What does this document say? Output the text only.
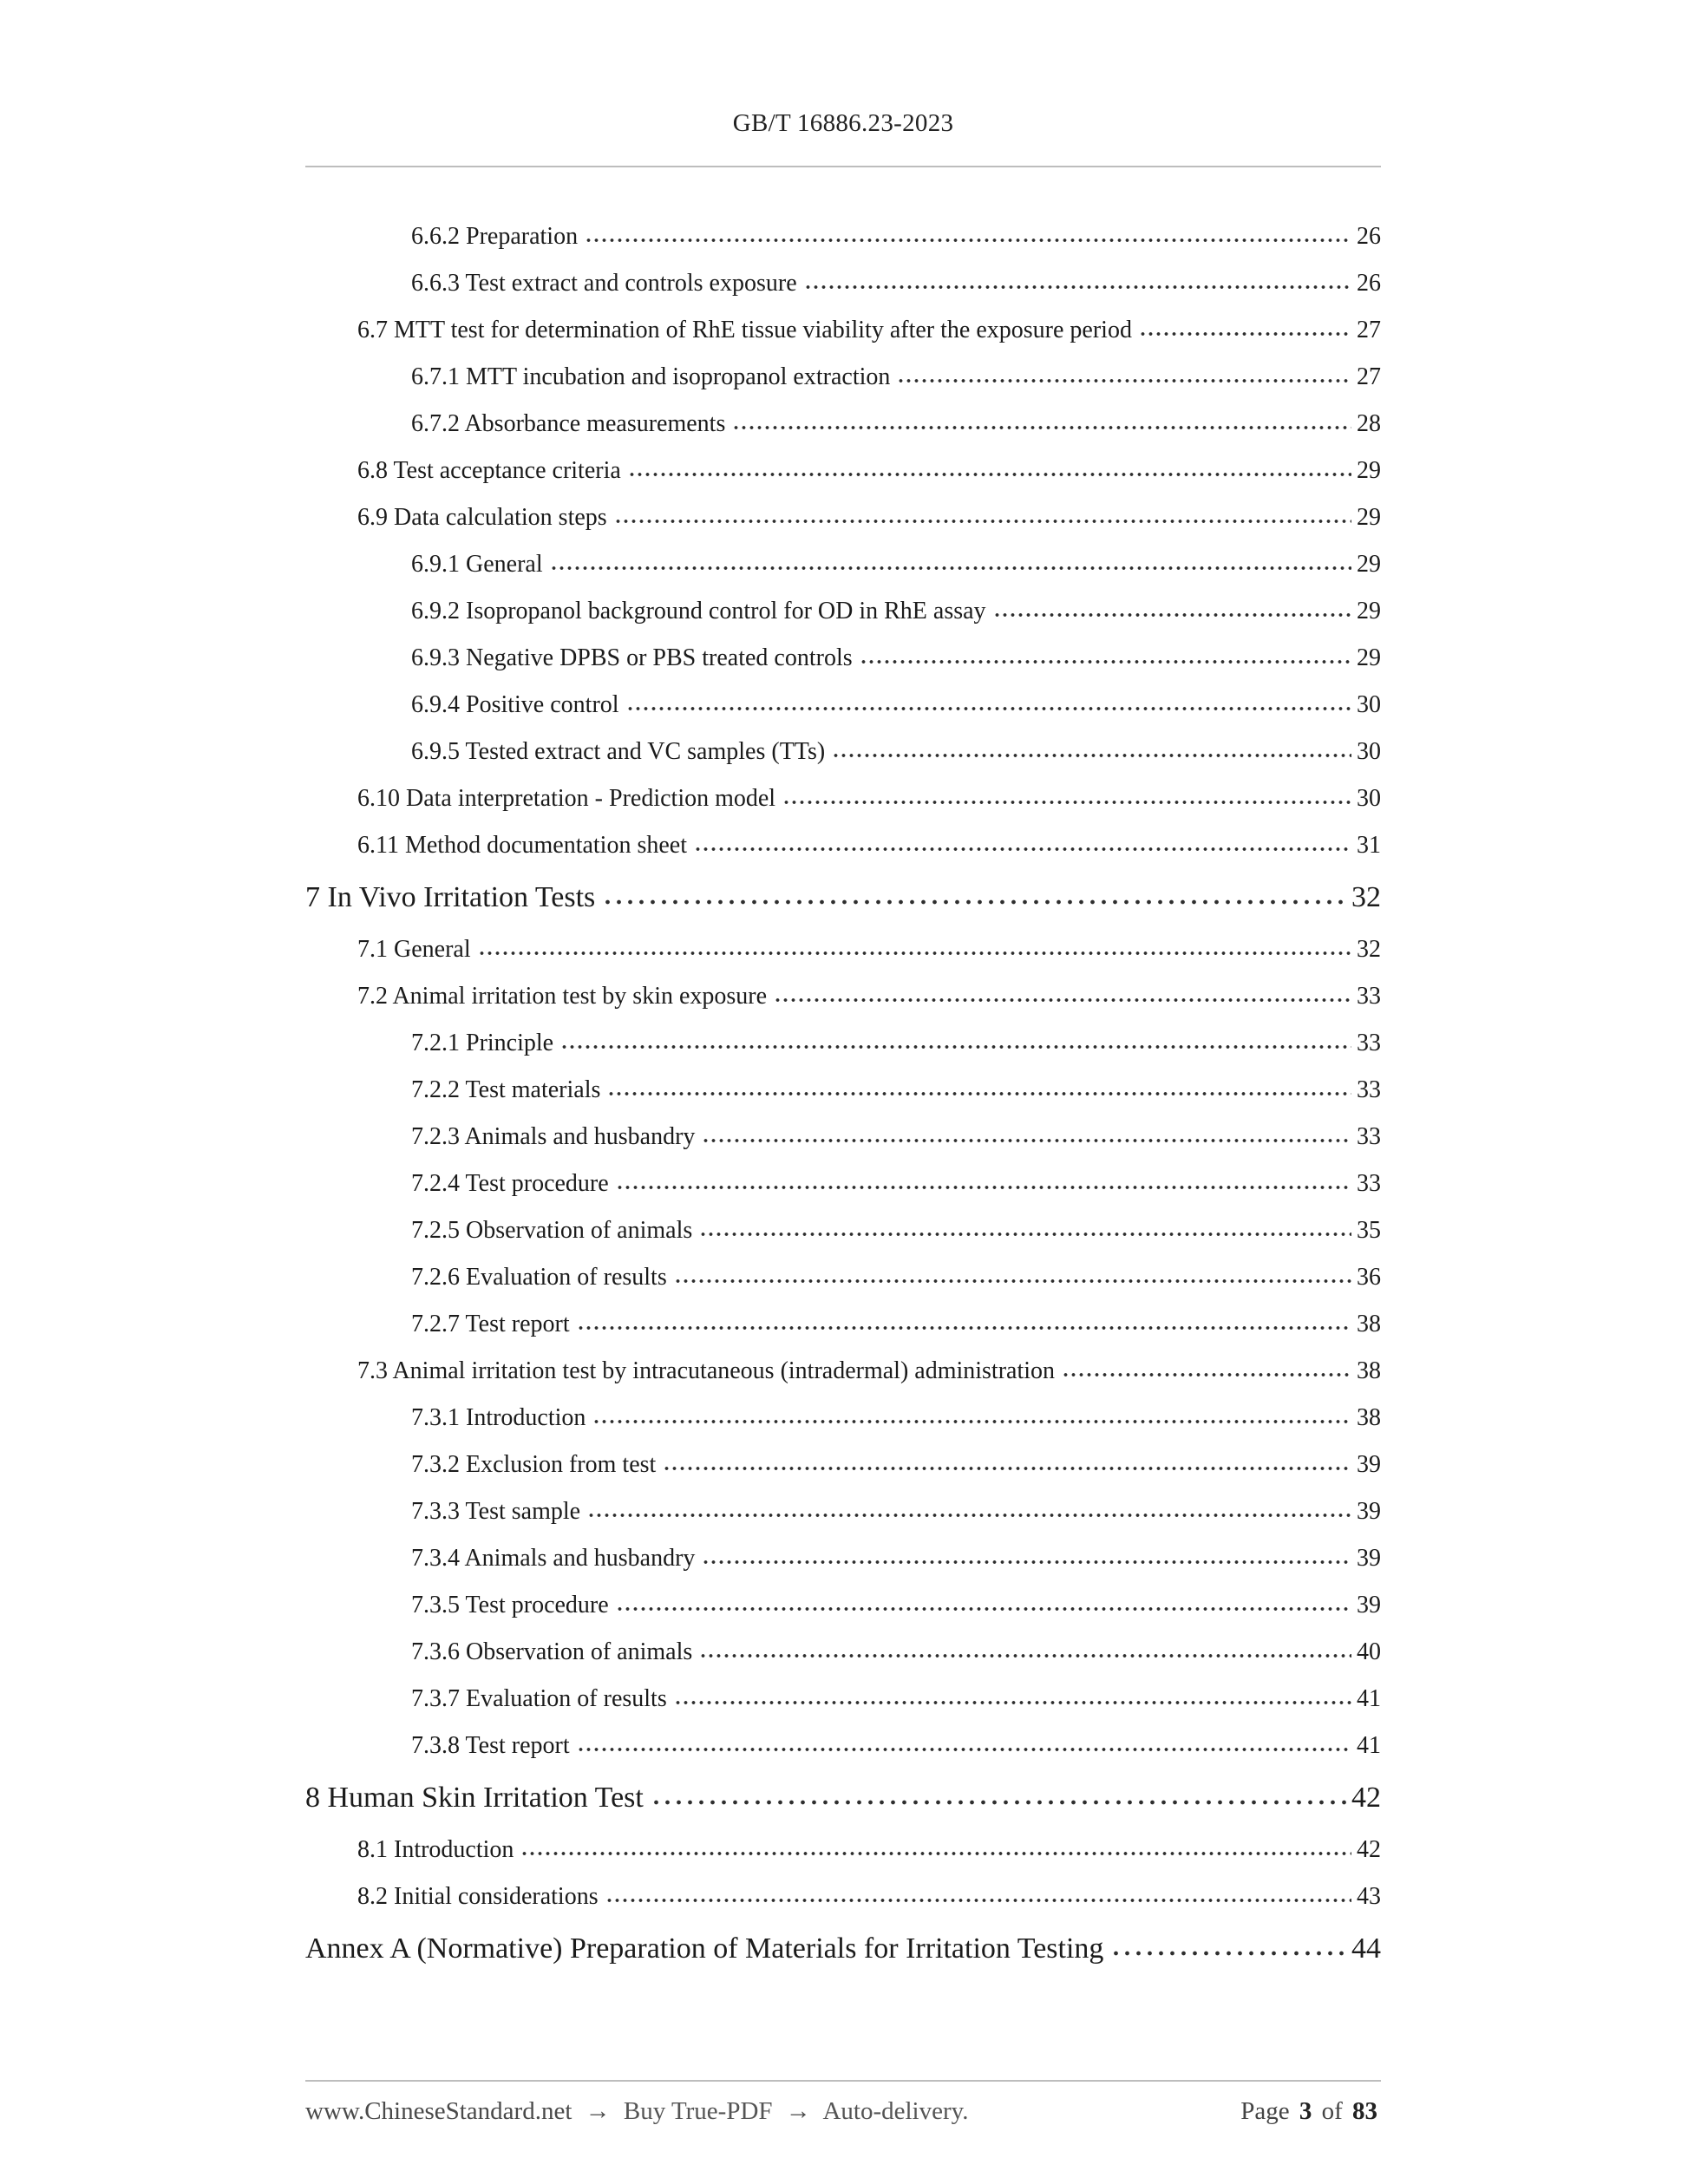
GB/T 16886.23-2023
6.6.2 Preparation	26
6.6.3 Test extract and controls exposure	26
6.7 MTT test for determination of RhE tissue viability after the exposure period	27
6.7.1 MTT incubation and isopropanol extraction	27
6.7.2 Absorbance measurements	28
6.8 Test acceptance criteria	29
6.9 Data calculation steps	29
6.9.1 General	29
6.9.2 Isopropanol background control for OD in RhE assay	29
6.9.3 Negative DPBS or PBS treated controls	29
6.9.4 Positive control	30
6.9.5 Tested extract and VC samples (TTs)	30
6.10 Data interpretation - Prediction model	30
6.11 Method documentation sheet	31
7 In Vivo Irritation Tests	32
7.1 General	32
7.2 Animal irritation test by skin exposure	33
7.2.1 Principle	33
7.2.2 Test materials	33
7.2.3 Animals and husbandry	33
7.2.4 Test procedure	33
7.2.5 Observation of animals	35
7.2.6 Evaluation of results	36
7.2.7 Test report	38
7.3 Animal irritation test by intracutaneous (intradermal) administration	38
7.3.1 Introduction	38
7.3.2 Exclusion from test	39
7.3.3 Test sample	39
7.3.4 Animals and husbandry	39
7.3.5 Test procedure	39
7.3.6 Observation of animals	40
7.3.7 Evaluation of results	41
7.3.8 Test report	41
8 Human Skin Irritation Test	42
8.1 Introduction	42
8.2 Initial considerations	43
Annex A (Normative) Preparation of Materials for Irritation Testing	44
www.ChineseStandard.net → Buy True-PDF → Auto-delivery.	Page 3 of 83
